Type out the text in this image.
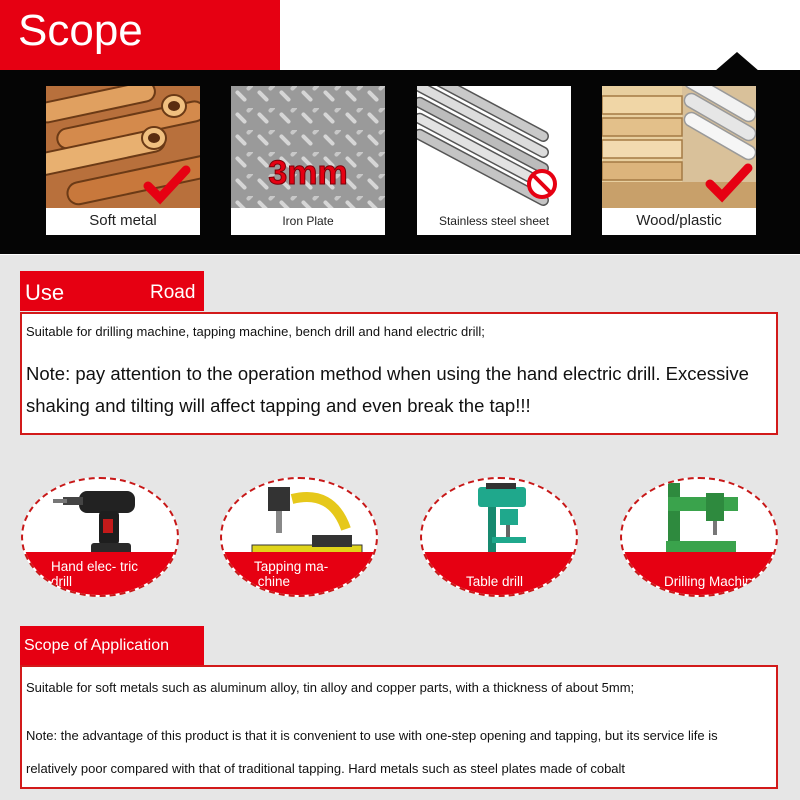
Scope
Soft metal
3mm
Iron Plate	Stainless steel sheet	Wood/plastic
Use	Road
Suitable for drilling machine, tapping machine, bench drill and hand electric drill;
Note: pay attention to the operation method when using the hand electric drill. Excessive shaking and tilting will affect tapping and even break the tap!!!
Hand elec- tric drill
Tapping ma- chine	Table drill	Drilling Machine
Scope of Application
Suitable for soft metals such as aluminum alloy, tin alloy and copper parts, with a thickness of about 5mm;
Note: the advantage of this product is that it is convenient to use with one-step opening and tapping, but its service life is relatively poor compared with that of traditional tapping. Hard metals such as steel plates made of cobalt
